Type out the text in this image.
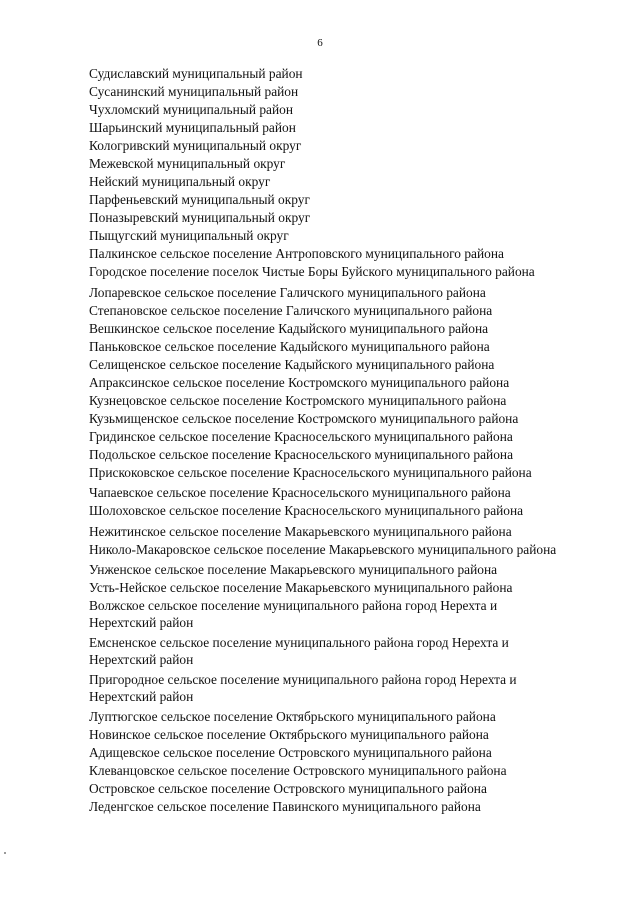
6
Судиславский муниципальный район
Сусанинский муниципальный район
Чухломский муниципальный район
Шарьинский муниципальный район
Кологривский муниципальный округ
Межевской муниципальный округ
Нейский муниципальный округ
Парфеньевский муниципальный округ
Поназыревский муниципальный округ
Пыщугский муниципальный округ
Палкинское сельское поселение Антроповского муниципального района
Городское поселение поселок Чистые Боры Буйского муниципального района
Лопаревское сельское поселение Галичского муниципального района
Степановское сельское поселение Галичского муниципального района
Вешкинское сельское поселение Кадыйского муниципального района
Паньковское сельское поселение Кадыйского муниципального района
Селищенское сельское поселение Кадыйского муниципального района
Апраксинское сельское поселение Костромского муниципального района
Кузнецовское сельское поселение Костромского муниципального района
Кузьмищенское сельское поселение Костромского муниципального района
Гридинское сельское поселение Красносельского муниципального района
Подольское сельское поселение Красносельского муниципального района
Прискоковское сельское поселение Красносельского муниципального района
Чапаевское сельское поселение Красносельского муниципального района
Шолоховское сельское поселение Красносельского муниципального района
Нежитинское сельское поселение Макарьевского муниципального района
Николо-Макаровское сельское поселение Макарьевского муниципального района
Унженское сельское поселение Макарьевского муниципального района
Усть-Нейское сельское поселение Макарьевского муниципального района
Волжское сельское поселение муниципального района город Нерехта и Нерехтский район
Емсненское сельское поселение муниципального района город Нерехта и Нерехтский район
Пригородное сельское поселение муниципального района город Нерехта и Нерехтский район
Луптюгское сельское поселение Октябрьского муниципального района
Новинское сельское поселение Октябрьского муниципального района
Адищевское сельское поселение Островского муниципального района
Клеванцовское сельское поселение Островского муниципального района
Островское сельское поселение Островского муниципального района
Леденгское сельское поселение Павинского муниципального района
